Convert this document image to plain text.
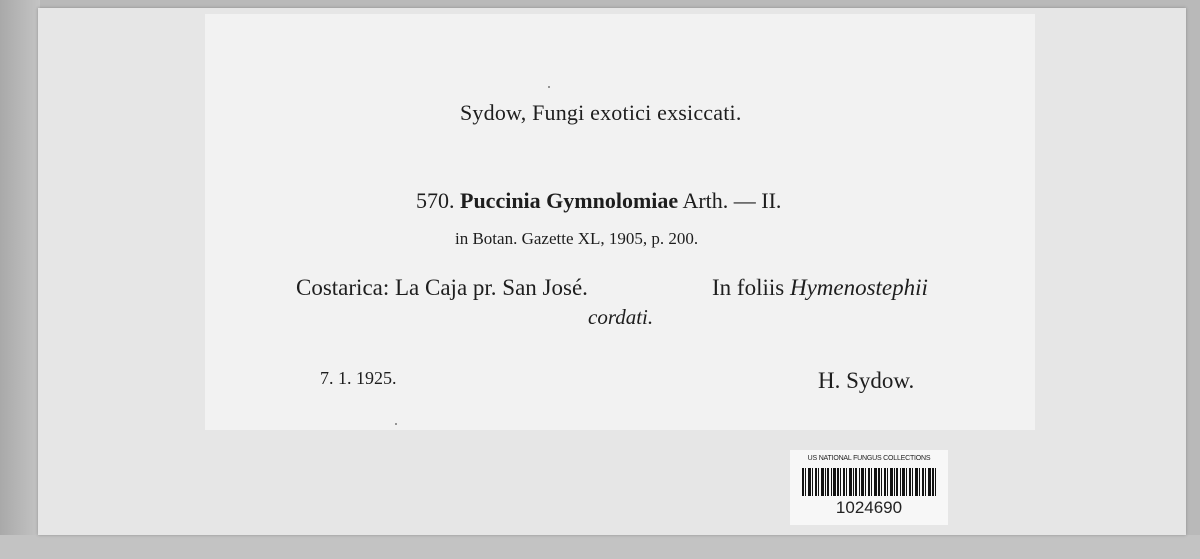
Sydow, Fungi exotici exsiccati.
570. Puccinia Gymnolomiae Arth. — II.
in Botan. Gazette XL, 1905, p. 200.
Costarica: La Caja pr. San José.	In foliis Hymenostephii
cordati.
7. 1. 1925.	H. Sydow.
US NATIONAL FUNGUS COLLECTIONS
1024690
